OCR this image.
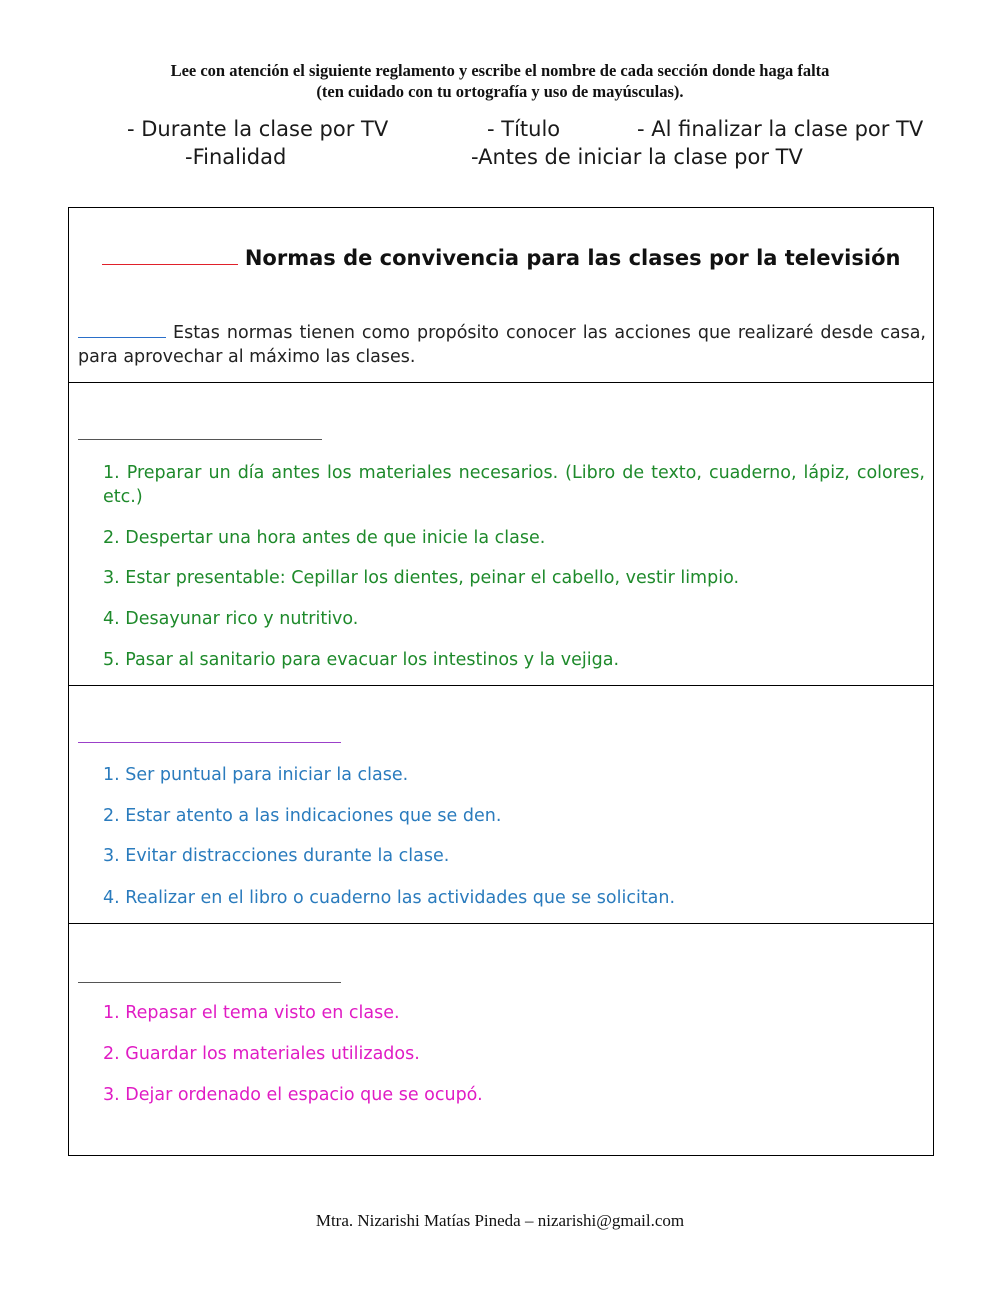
Lee con atención el siguiente reglamento y escribe el nombre de cada sección donde haga falta
(ten cuidado con tu ortografía y uso de mayúsculas).
- Durante la clase por TV	- Título	- Al finalizar la clase por TV
-Finalidad	-Antes de iniciar la clase por TV
Normas de convivencia para las clases por la televisión
Estas normas tienen como propósito conocer las acciones que realizaré desde casa, para aprovechar al máximo las clases.
1. Preparar un día antes los materiales necesarios. (Libro de texto, cuaderno, lápiz, colores, etc.)
2. Despertar una hora antes de que inicie la clase.
3. Estar presentable: Cepillar los dientes, peinar el cabello, vestir limpio.
4. Desayunar rico y nutritivo.
5. Pasar al sanitario para evacuar los intestinos y la vejiga.
1. Ser puntual para iniciar la clase.
2. Estar atento a las indicaciones que se den.
3. Evitar distracciones durante la clase.
4. Realizar en el libro o cuaderno las actividades que se solicitan.
1. Repasar el tema visto en clase.
2. Guardar los materiales utilizados.
3. Dejar ordenado el espacio que se ocupó.
Mtra. Nizarishi Matías Pineda – nizarishi@gmail.com
